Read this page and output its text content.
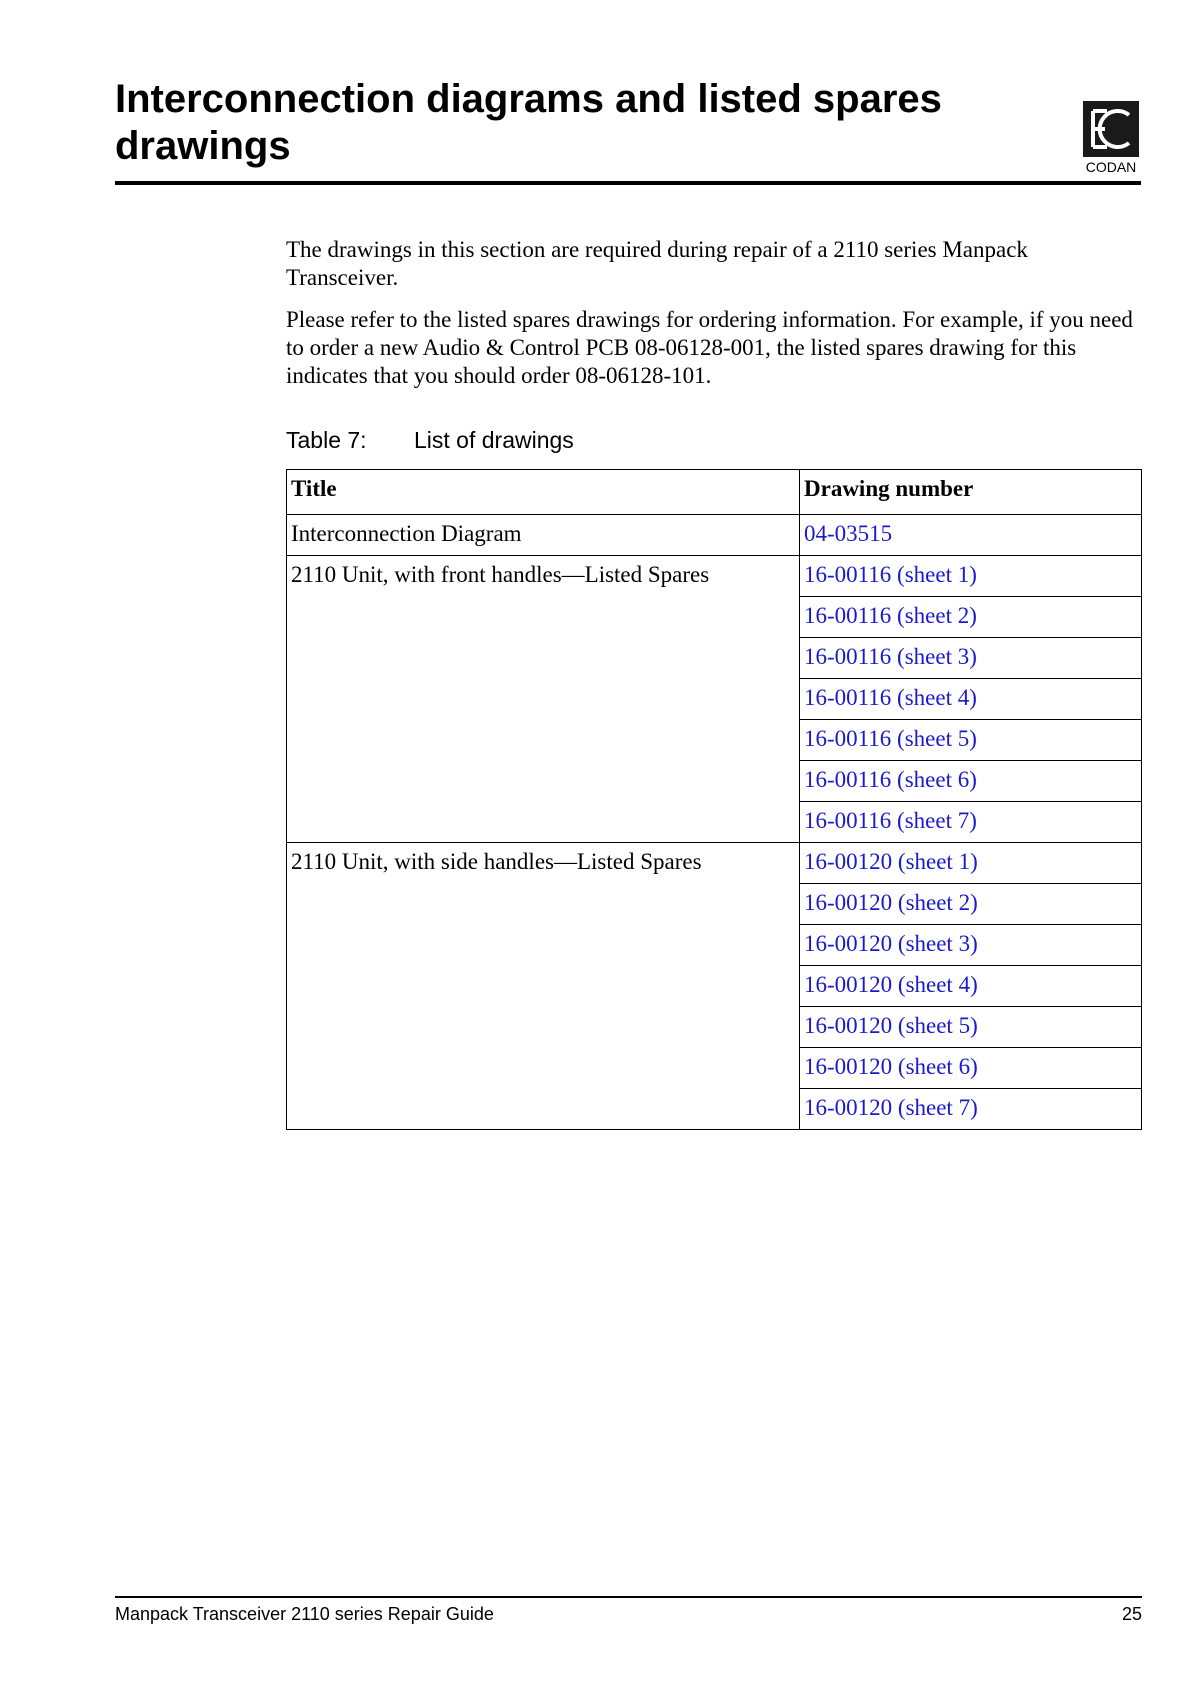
Interconnection diagrams and listed spares drawings	CODAN

The drawings in this section are required during repair of a 2110 series Manpack Transceiver.

Please refer to the listed spares drawings for ordering information. For example, if you need to order a new Audio & Control PCB 08-06128-001, the listed spares drawing for this indicates that you should order 08-06128-101.

Table 7: List of drawings
Title	Drawing number
Interconnection Diagram	04-03515
2110 Unit, with front handles—Listed Spares	16-00116 (sheet 1)
	16-00116 (sheet 2)
	16-00116 (sheet 3)
	16-00116 (sheet 4)
	16-00116 (sheet 5)
	16-00116 (sheet 6)
	16-00116 (sheet 7)
2110 Unit, with side handles—Listed Spares	16-00120 (sheet 1)
	16-00120 (sheet 2)
	16-00120 (sheet 3)
	16-00120 (sheet 4)
	16-00120 (sheet 5)
	16-00120 (sheet 6)
	16-00120 (sheet 7)
Manpack Transceiver 2110 series Repair Guide	25
